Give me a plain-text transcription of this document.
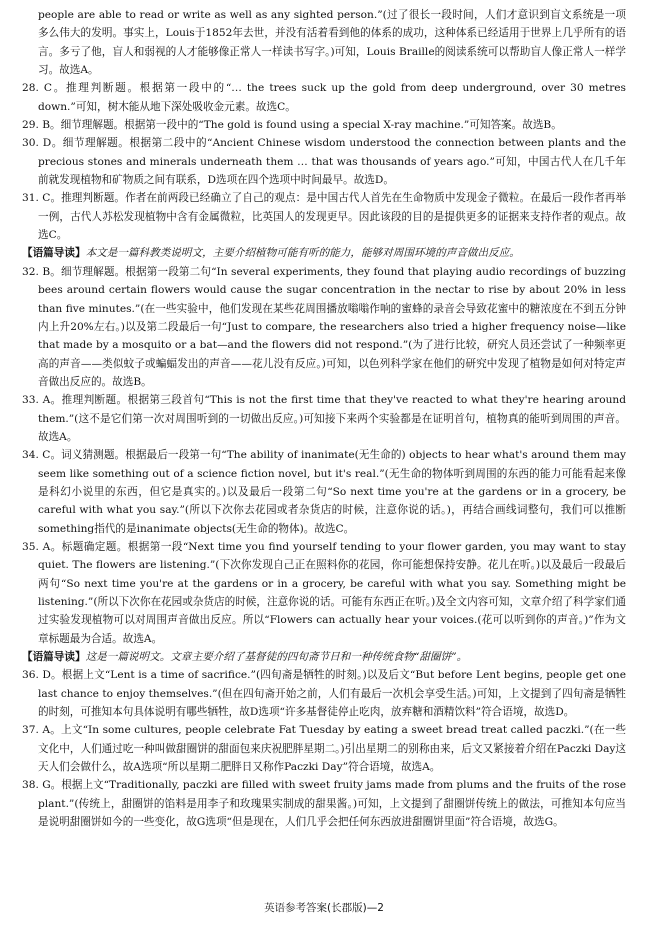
people are able to read or write as well as any sighted person.”(过了很长一段时间，人们才意识到盲文系统是一项多么伟大的发明。事实上，Louis于1852年去世，并没有活着看到他的体系的成功，这种体系已经适用于世界上几乎所有的语言。多亏了他，盲人和弱视的人才能够像正常人一样读书写字。)可知，Louis Braille的阅读系统可以帮助盲人像正常人一样学习。故选A。

28. C。推理判断题。根据第一段中的“… the trees suck up the gold from deep underground, over 30 metres down.”可知，树木能从地下深处吸收金元素。故选C。

29. B。细节理解题。根据第一段中的“The gold is found using a special X-ray machine.”可知答案。故选B。

30. D。细节理解题。根据第二段中的“Ancient Chinese wisdom understood the connection between plants and the precious stones and minerals underneath them … that was thousands of years ago.”可知，中国古代人在几千年前就发现植物和矿物质之间有联系，D选项在四个选项中时间最早。故选D。

31. C。推理判断题。作者在前两段已经确立了自己的观点：是中国古代人首先在生命物质中发现金子微粒。在最后一段作者再举一例，古代人苏松发现植物中含有金属微粒，比英国人的发现更早。因此该段的目的是提供更多的证据来支持作者的观点。故选C。

【语篇导读】本文是一篇科教类说明文，主要介绍植物可能有听的能力，能够对周围环境的声音做出反应。

32. B。细节理解题。根据第一段第二句“In several experiments, they found that playing audio recordings of buzzing bees around certain flowers would cause the sugar concentration in the nectar to rise by about 20% in less than five minutes.”(在一些实验中，他们发现在某些花周围播放嗡嗡作响的蜜蜂的录音会导致花蜜中的糖浓度在不到五分钟内上升20%左右。)以及第二段最后一句“Just to compare, the researchers also tried a higher frequency noise—like that made by a mosquito or a bat—and the flowers did not respond.”(为了进行比较，研究人员还尝试了一种频率更高的声音——类似蚊子或蝙蝠发出的声音——花儿没有反应。)可知，以色列科学家在他们的研究中发现了植物是如何对特定声音做出反应的。故选B。

33. A。推理判断题。根据第三段首句“This is not the first time that they've reacted to what they're hearing around them.”(这不是它们第一次对周围听到的一切做出反应。)可知接下来两个实验都是在证明首句，植物真的能听到周围的声音。故选A。

34. C。词义猜测题。根据最后一段第一句“The ability of inanimate(无生命的) objects to hear what's around them may seem like something out of a science fiction novel, but it's real.”(无生命的物体听到周围的东西的能力可能看起来像是科幻小说里的东西，但它是真实的。)以及最后一段第二句“So next time you're at the gardens or in a grocery, be careful with what you say.”(所以下次你去花园或者杂货店的时候，注意你说的话。)，再结合画线词整句，我们可以推断something指代的是inanimate objects(无生命的物体)。故选C。

35. A。标题确定题。根据第一段“Next time you find yourself tending to your flower garden, you may want to stay quiet. The flowers are listening.”(下次你发现自己正在照料你的花园，你可能想保持安静。花儿在听。)以及最后一段最后两句“So next time you're at the gardens or in a grocery, be careful with what you say. Something might be listening.”(所以下次你在花园或杂货店的时候，注意你说的话。可能有东西正在听。)及全文内容可知，文章介绍了科学家们通过实验发现植物可以对周围声音做出反应。所以“Flowers can actually hear your voices.(花可以听到你的声音。)”作为文章标题最为合适。故选A。

【语篇导读】这是一篇说明文。文章主要介绍了基督徒的四旬斋节日和一种传统食物“甜圈饼”。

36. D。根据上文“Lent is a time of sacrifice.”(四旬斋是牺牲的时刻。)以及后文“But before Lent begins, people get one last chance to enjoy themselves.”(但在四旬斋开始之前，人们有最后一次机会享受生活。)可知，上文提到了四旬斋是牺牲的时刻，可推知本句具体说明有哪些牺牲，故D选项“许多基督徒停止吃肉，放弃糖和酒精饮料”符合语境，故选D。

37. A。上文“In some cultures, people celebrate Fat Tuesday by eating a sweet bread treat called paczki.”(在一些文化中，人们通过吃一种叫做甜圈饼的甜面包来庆祝肥胖星期二。)引出星期二的别称由来，后文又紧接着介绍在Paczki Day这天人们会做什么，故A选项“所以星期二肥胖日又称作Paczki Day”符合语境，故选A。

38. G。根据上文“Traditionally, paczki are filled with sweet fruity jams made from plums and the fruits of the rose plant.”(传统上，甜圈饼的馅料是用李子和玫瑰果实制成的甜果酱。)可知，上文提到了甜圈饼传统上的做法，可推知本句应当是说明甜圈饼如今的一些变化，故G选项“但是现在，人们几乎会把任何东西放进甜圈饼里面”符合语境，故选G。

英语参考答案(长郡版)—2
